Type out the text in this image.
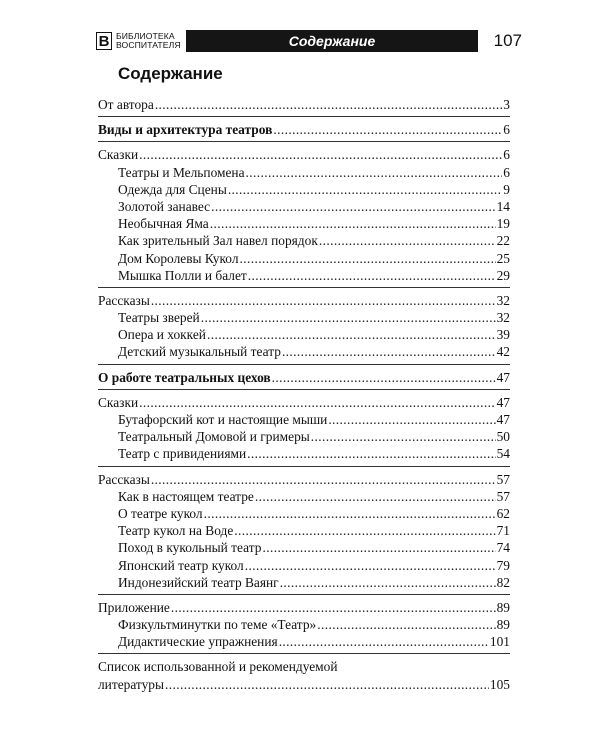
B БИБЛИОТЕКА
ВОСПИТАТЕЛЯ	Содержание	107
Содержание
От автора .....	3
Виды и архитектура театров .....	6
Сказки .....	6
Театры и Мельпомена .....	6
Одежда для Сцены .....	9
Золотой занавес .....	14
Необычная Яма .....	19
Как зрительный Зал навел порядок .....	22
Дом Королевы Кукол .....	25
Мышка Полли и балет .....	29
Рассказы .....	32
Театры зверей .....	32
Опера и хоккей .....	39
Детский музыкальный театр .....	42
О работе театральных цехов .....	47
Сказки .....	47
Бутафорский кот и настоящие мыши .....	47
Театральный Домовой и гримеры .....	50
Театр с привидениями .....	54
Рассказы .....	57
Как в настоящем театре .....	57
О театре кукол .....	62
Театр кукол на Воде .....	71
Поход в кукольный театр .....	74
Японский театр кукол .....	79
Индонезийский театр Ваянг .....	82
Приложение .....	89
Физкультминутки по теме «Театр» .....	89
Дидактические упражнения .....	101
Список использованной и рекомендуемой
литературы .....	105
